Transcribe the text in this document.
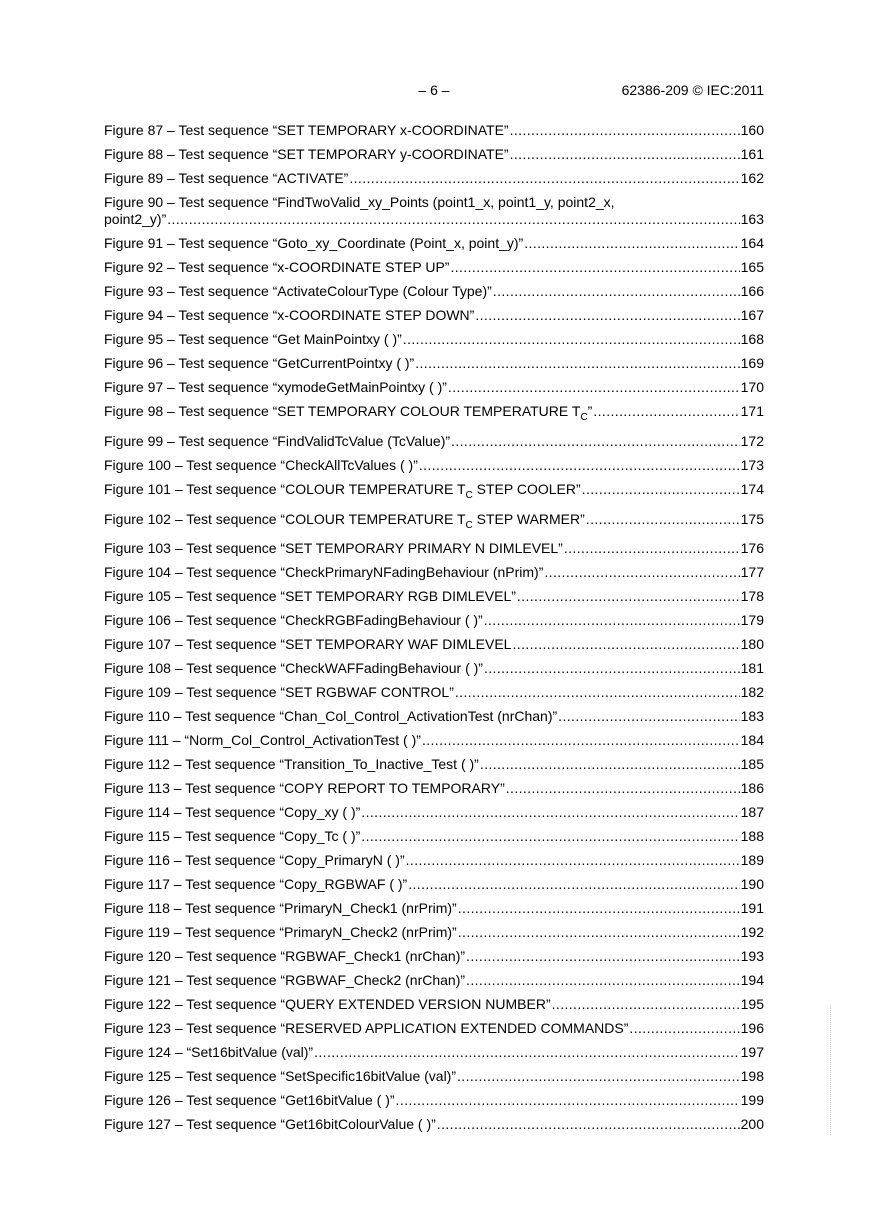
– 6 –	62386-209 © IEC:2011
Figure 87 – Test sequence “SET TEMPORARY x-COORDINATE” .....	160
Figure 88 – Test sequence “SET TEMPORARY y-COORDINATE” .....	161
Figure 89 – Test sequence “ACTIVATE” .....	162
Figure 90 – Test sequence “FindTwoValid_xy_Points (point1_x, point1_y, point2_x,
point2_y)” .....	163
Figure 91 – Test sequence “Goto_xy_Coordinate (Point_x, point_y)” .....	164
Figure 92 – Test sequence “x-COORDINATE STEP UP” .....	165
Figure 93 – Test sequence “ActivateColourType (Colour Type)” .....	166
Figure 94 – Test sequence “x-COORDINATE STEP DOWN” .....	167
Figure 95 – Test sequence “Get MainPointxy ( )” .....	168
Figure 96 – Test sequence “GetCurrentPointxy ( )” .....	169
Figure 97 – Test sequence “xymodeGetMainPointxy ( )” .....	170
Figure 98 – Test sequence “SET TEMPORARY COLOUR TEMPERATURE $T_C$” .....	171
Figure 99 – Test sequence “FindValidTcValue (TcValue)” .....	172
Figure 100 – Test sequence “CheckAllTcValues ( )” .....	173
Figure 101 – Test sequence “COLOUR TEMPERATURE $T_C$ STEP COOLER” .....	174
Figure 102 – Test sequence “COLOUR TEMPERATURE $T_C$ STEP WARMER” .....	175
Figure 103 – Test sequence “SET TEMPORARY PRIMARY N DIMLEVEL” .....	176
Figure 104 – Test sequence “CheckPrimaryNFadingBehaviour (nPrim)” .....	177
Figure 105 – Test sequence “SET TEMPORARY RGB DIMLEVEL” .....	178
Figure 106 – Test sequence “CheckRGBFadingBehaviour ( )” .....	179
Figure 107 – Test sequence “SET TEMPORARY WAF DIMLEVEL .....	180
Figure 108 – Test sequence “CheckWAFFadingBehaviour ( )” .....	181
Figure 109 – Test sequence “SET RGBWAF CONTROL” .....	182
Figure 110 – Test sequence “Chan_Col_Control_ActivationTest (nrChan)” .....	183
Figure 111 – “Norm_Col_Control_ActivationTest ( )” .....	184
Figure 112 – Test sequence “Transition_To_Inactive_Test ( )” .....	185
Figure 113 – Test sequence “COPY REPORT TO TEMPORARY” .....	186
Figure 114 – Test sequence “Copy_xy ( )” .....	187
Figure 115 – Test sequence “Copy_Tc ( )” .....	188
Figure 116 – Test sequence “Copy_PrimaryN ( )” .....	189
Figure 117 – Test sequence “Copy_RGBWAF ( )” .....	190
Figure 118 – Test sequence “PrimaryN_Check1 (nrPrim)” .....	191
Figure 119 – Test sequence “PrimaryN_Check2 (nrPrim)” .....	192
Figure 120 – Test sequence “RGBWAF_Check1 (nrChan)” .....	193
Figure 121 – Test sequence “RGBWAF_Check2 (nrChan)” .....	194
Figure 122 – Test sequence “QUERY EXTENDED VERSION NUMBER” .....	195
Figure 123 – Test sequence “RESERVED APPLICATION EXTENDED COMMANDS” .....	196
Figure 124 – “Set16bitValue (val)” .....	197
Figure 125 – Test sequence “SetSpecific16bitValue (val)” .....	198
Figure 126 – Test sequence “Get16bitValue ( )” .....	199
Figure 127 – Test sequence “Get16bitColourValue ( )” .....	200
